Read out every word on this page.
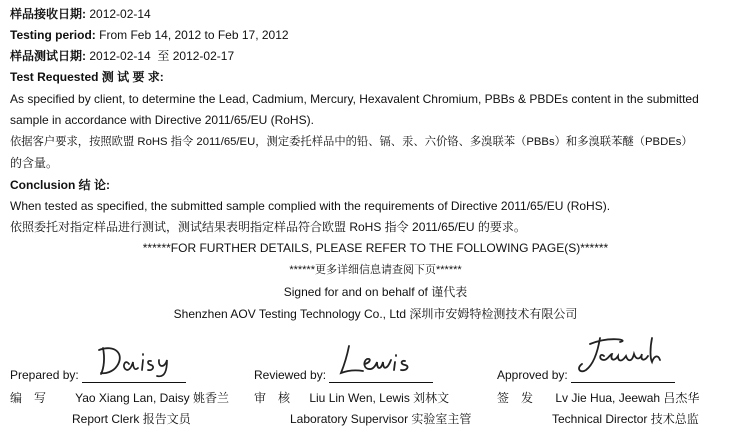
样品接收日期: 2012-02-14
Testing period: From Feb 14, 2012 to Feb 17, 2012
样品测试日期: 2012-02-14  至 2012-02-17
Test Requested 测 试 要 求:
As specified by client, to determine the Lead, Cadmium, Mercury, Hexavalent Chromium, PBBs & PBDEs content in the submitted
sample in accordance with Directive 2011/65/EU (RoHS).
依据客户要求，按照欧盟 RoHS 指令 2011/65/EU，测定委托样品中的铅、镉、汞、六价铬、多溴联苯（PBBs）和多溴联苯醚（PBDEs）
的含量。
Conclusion 结 论:
When tested as specified, the submitted sample complied with the requirements of Directive 2011/65/EU (RoHS).
依照委托对指定样品进行测试，测试结果表明指定样品符合欧盟 RoHS 指令 2011/65/EU 的要求。
******FOR FURTHER DETAILS, PLEASE REFER TO THE FOLLOWING PAGE(S)******
******更多详细信息请查阅下页******
Signed for and on behalf of 谨代表
Shenzhen AOV Testing Technology Co., Ltd 深圳市安姆特检测技术有限公司
Prepared by:
编　写 Yao Xiang Lan, Daisy 姚香兰
Report Clerk 报告文员
Reviewed by:
审　核 Liu Lin Wen, Lewis 刘林文
Laboratory Supervisor 实验室主管
Approved by:
签　发 Lv Jie Hua, Jeewah 吕杰华
Technical Director 技术总监
